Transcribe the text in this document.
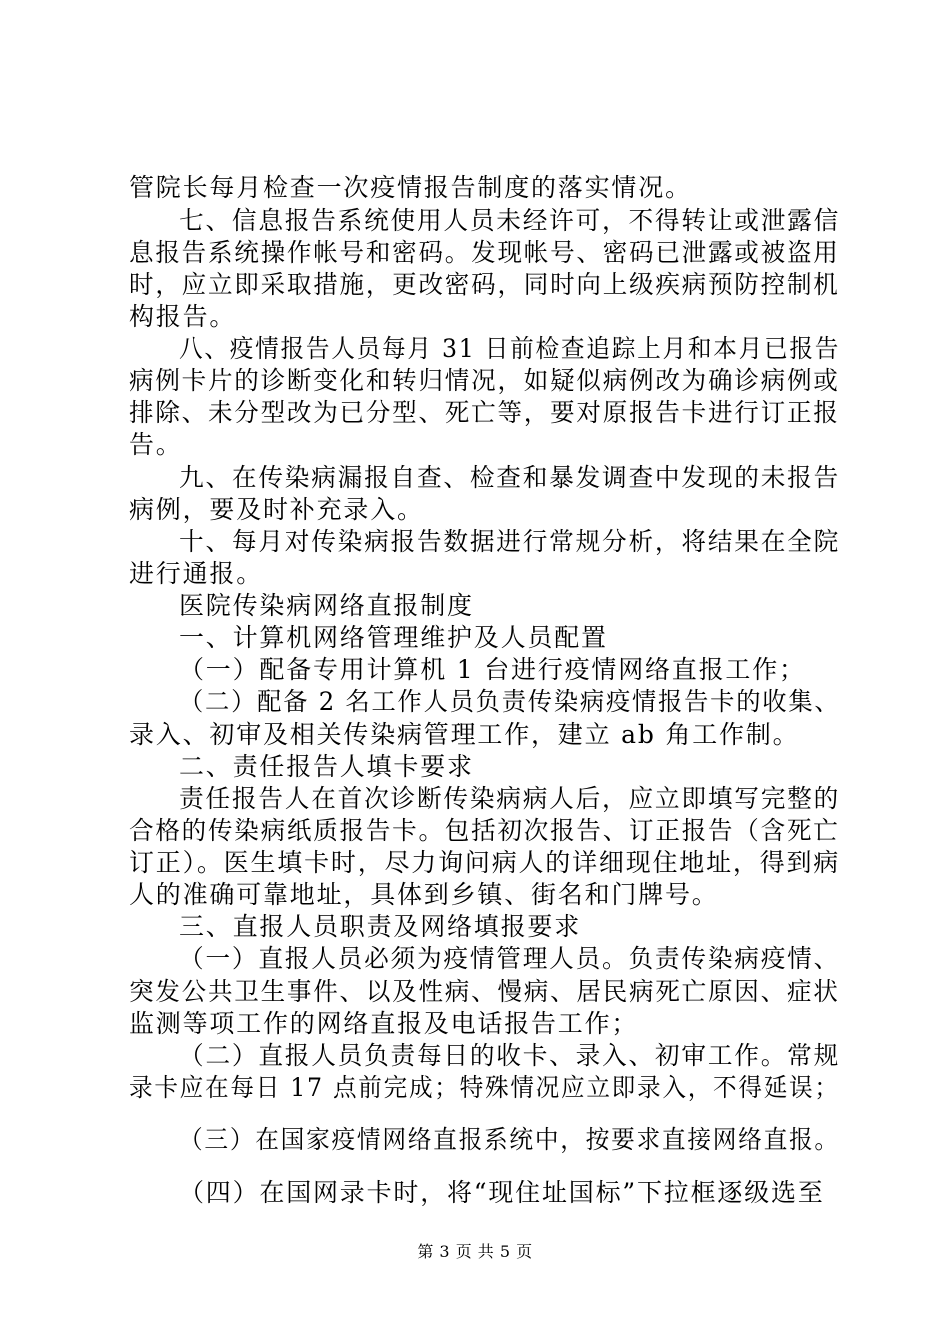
管院长每月检查一次疫情报告制度的落实情况。
七、信息报告系统使用人员未经许可，不得转让或泄露信
息报告系统操作帐号和密码。发现帐号、密码已泄露或被盗用
时，应立即采取措施，更改密码，同时向上级疾病预防控制机
构报告。
八、疫情报告人员每月 31 日前检查追踪上月和本月已报告
病例卡片的诊断变化和转归情况，如疑似病例改为确诊病例或
排除、未分型改为已分型、死亡等，要对原报告卡进行订正报
告。
九、在传染病漏报自查、检查和暴发调查中发现的未报告
病例，要及时补充录入。
十、每月对传染病报告数据进行常规分析，将结果在全院
进行通报。
医院传染病网络直报制度
一、计算机网络管理维护及人员配置
（一）配备专用计算机 1 台进行疫情网络直报工作；
（二）配备 2 名工作人员负责传染病疫情报告卡的收集、
录入、初审及相关传染病管理工作，建立 ab 角工作制。
二、责任报告人填卡要求
责任报告人在首次诊断传染病病人后，应立即填写完整的
合格的传染病纸质报告卡。包括初次报告、订正报告（含死亡
订正）。医生填卡时，尽力询问病人的详细现住地址，得到病
人的准确可靠地址，具体到乡镇、街名和门牌号。
三、直报人员职责及网络填报要求
（一）直报人员必须为疫情管理人员。负责传染病疫情、
突发公共卫生事件、以及性病、慢病、居民病死亡原因、症状
监测等项工作的网络直报及电话报告工作；
（二）直报人员负责每日的收卡、录入、初审工作。常规
录卡应在每日 17 点前完成；特殊情况应立即录入，不得延误；
（三）在国家疫情网络直报系统中，按要求直接网络直报。
（四）在国网录卡时，将“现住址国标”下拉框逐级选至
第 3 页 共 5 页
